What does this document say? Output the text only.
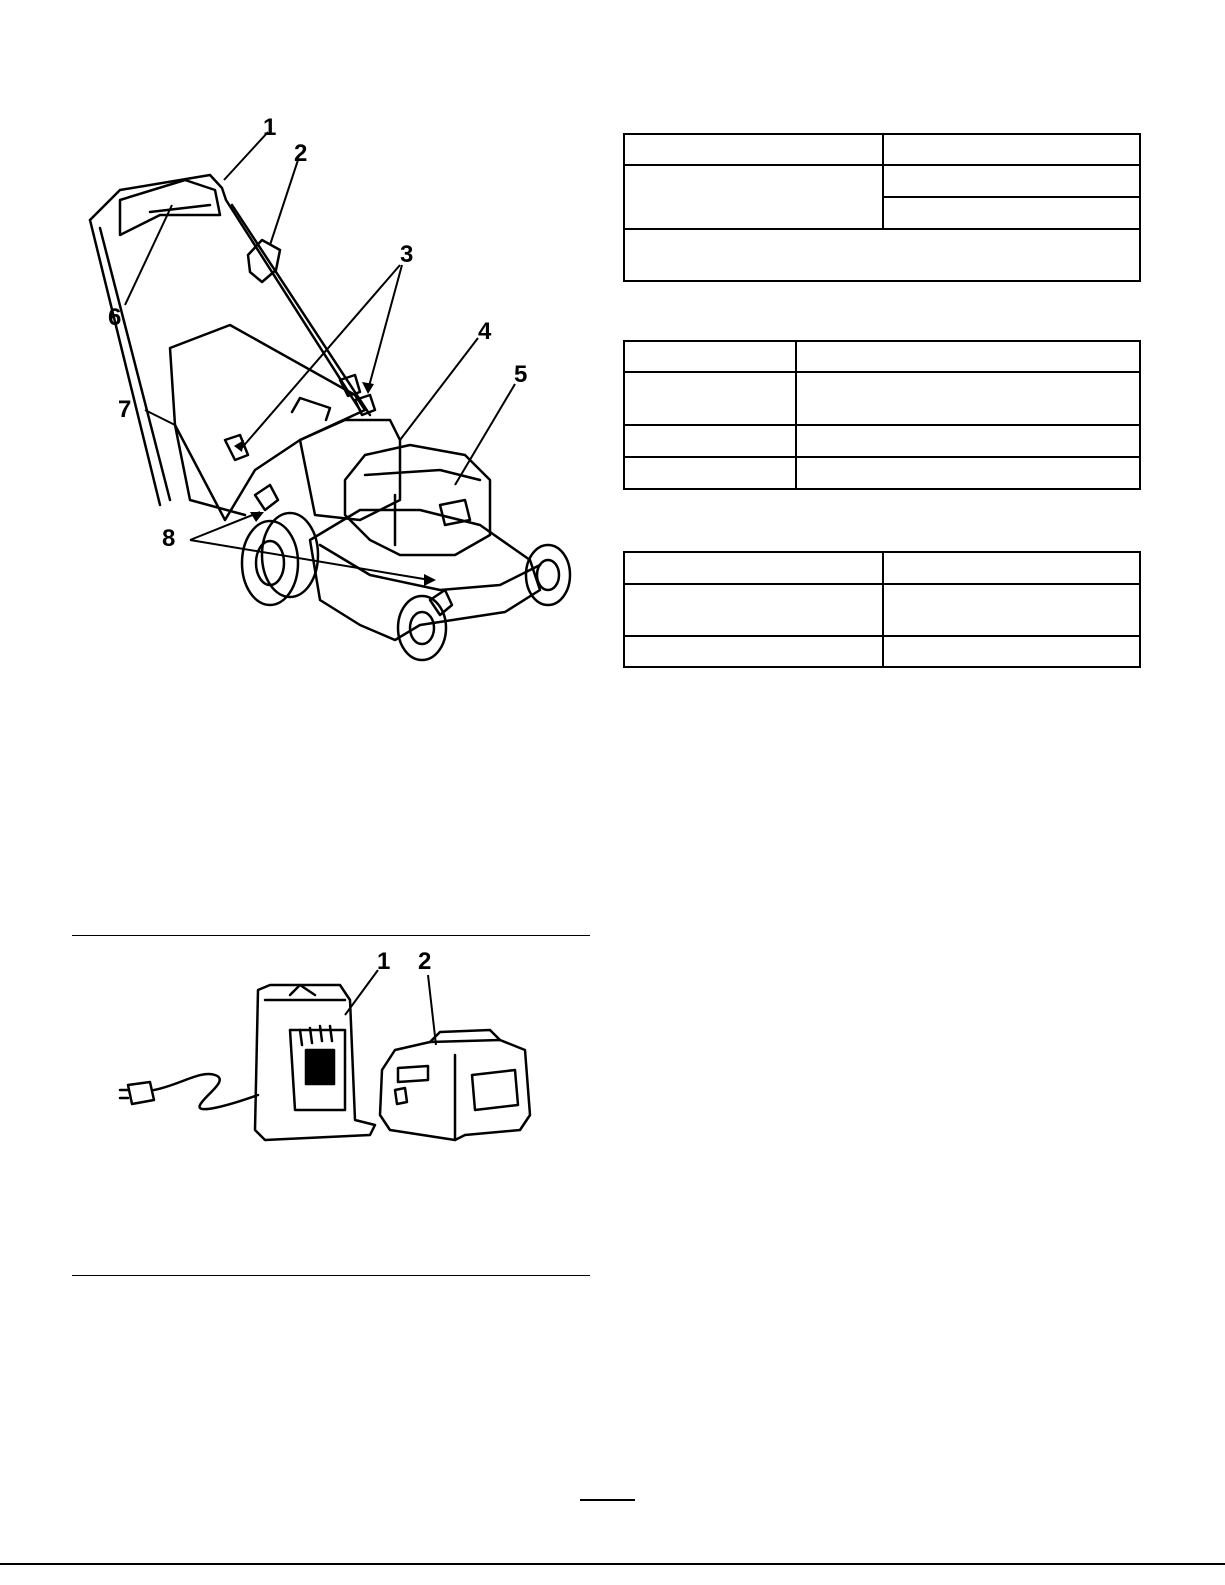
1
2
3
4
5
6
7
8
1 2
